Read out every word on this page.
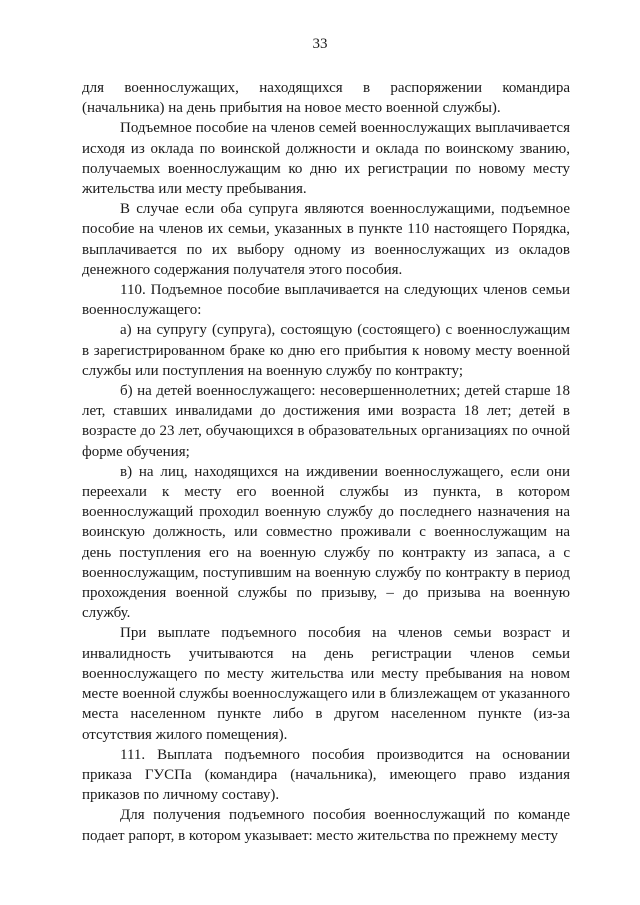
33

для военнослужащих, находящихся в распоряжении командира (начальника) на день прибытия на новое место военной службы).

Подъемное пособие на членов семей военнослужащих выплачивается исходя из оклада по воинской должности и оклада по воинскому званию, получаемых военнослужащим ко дню их регистрации по новому месту жительства или месту пребывания.

В случае если оба супруга являются военнослужащими, подъемное пособие на членов их семьи, указанных в пункте 110 настоящего Порядка, выплачивается по их выбору одному из военнослужащих из окладов денежного содержания получателя этого пособия.

110. Подъемное пособие выплачивается на следующих членов семьи военнослужащего:

а) на супругу (супруга), состоящую (состоящего) с военнослужащим в зарегистрированном браке ко дню его прибытия к новому месту военной службы или поступления на военную службу по контракту;

б) на детей военнослужащего: несовершеннолетних; детей старше 18 лет, ставших инвалидами до достижения ими возраста 18 лет; детей в возрасте до 23 лет, обучающихся в образовательных организациях по очной форме обучения;

в) на лиц, находящихся на иждивении военнослужащего, если они переехали к месту его военной службы из пункта, в котором военнослужащий проходил военную службу до последнего назначения на воинскую должность, или совместно проживали с военнослужащим на день поступления его на военную службу по контракту из запаса, а с военнослужащим, поступившим на военную службу по контракту в период прохождения военной службы по призыву, – до призыва на военную службу.

При выплате подъемного пособия на членов семьи возраст и инвалидность учитываются на день регистрации членов семьи военнослужащего по месту жительства или месту пребывания на новом месте военной службы военнослужащего или в близлежащем от указанного места населенном пункте либо в другом населенном пункте (из-за отсутствия жилого помещения).

111. Выплата подъемного пособия производится на основании приказа ГУСПа (командира (начальника), имеющего право издания приказов по личному составу).

Для получения подъемного пособия военнослужащий по команде подает рапорт, в котором указывает: место жительства по прежнему месту
